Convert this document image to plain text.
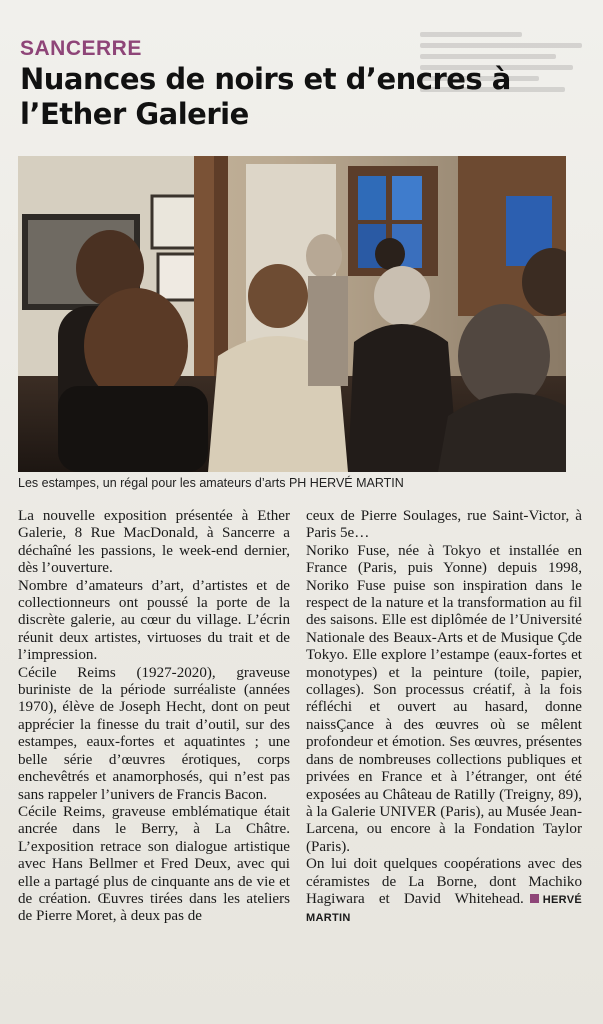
SANCERRE
Nuances de noirs et d’encres à l’Ether Galerie
Les estampes, un régal pour les amateurs d’arts PH HERVÉ MARTIN

La nouvelle exposition présentée à Ether Galerie, 8 Rue MacDonald, à Sancerre a déchaîné les passions, le week-end dernier, dès l’ouverture.

Nombre d’amateurs d’art, d’artistes et de collectionneurs ont poussé la porte de la discrète galerie, au cœur du village. L’écrin réunit deux artistes, virtuoses du trait et de l’impression.

Cécile Reims (1927-2020), graveuse buriniste de la période surréaliste (années 1970), élève de Joseph Hecht, dont on peut apprécier la finesse du trait d’outil, sur des estampes, eaux-fortes et aquatintes ; une belle série d’œuvres érotiques, corps enchevêtrés et anamorphosés, qui n’est pas sans rappeler l’univers de Francis Bacon.

Cécile Reims, graveuse emblématique était ancrée dans le Berry, à La Châtre. L’exposition retrace son dialogue artistique avec Hans Bellmer et Fred Deux, avec qui elle a partagé plus de cinquante ans de vie et de création. Œuvres tirées dans les ateliers de Pierre Moret, à deux pas de

ceux de Pierre Soulages, rue Saint-Victor, à Paris 5e…

Noriko Fuse, née à Tokyo et installée en France (Paris, puis Yonne) depuis 1998, Noriko Fuse puise son inspiration dans le respect de la nature et la transformation au fil des saisons. Elle est diplômée de l’Université Nationale des Beaux-Arts et de Musique Çde Tokyo. Elle explore l’estampe (eaux-fortes et monotypes) et la peinture (toile, papier, collages). Son processus créatif, à la fois réfléchi et ouvert au hasard, donne naissÇance à des œuvres où se mêlent profondeur et émotion. Ses œuvres, présentes dans de nombreuses collections publiques et privées en France et à l’étranger, ont été exposées au Château de Ratilly (Treigny, 89), à la Galerie UNIVER (Paris), au Musée Jean-Larcena, ou encore à la Fondation Taylor (Paris).

On lui doit quelques coopérations avec des céramistes de La Borne, dont Machiko Hagiwara et David Whitehead. HERVÉ MARTIN
